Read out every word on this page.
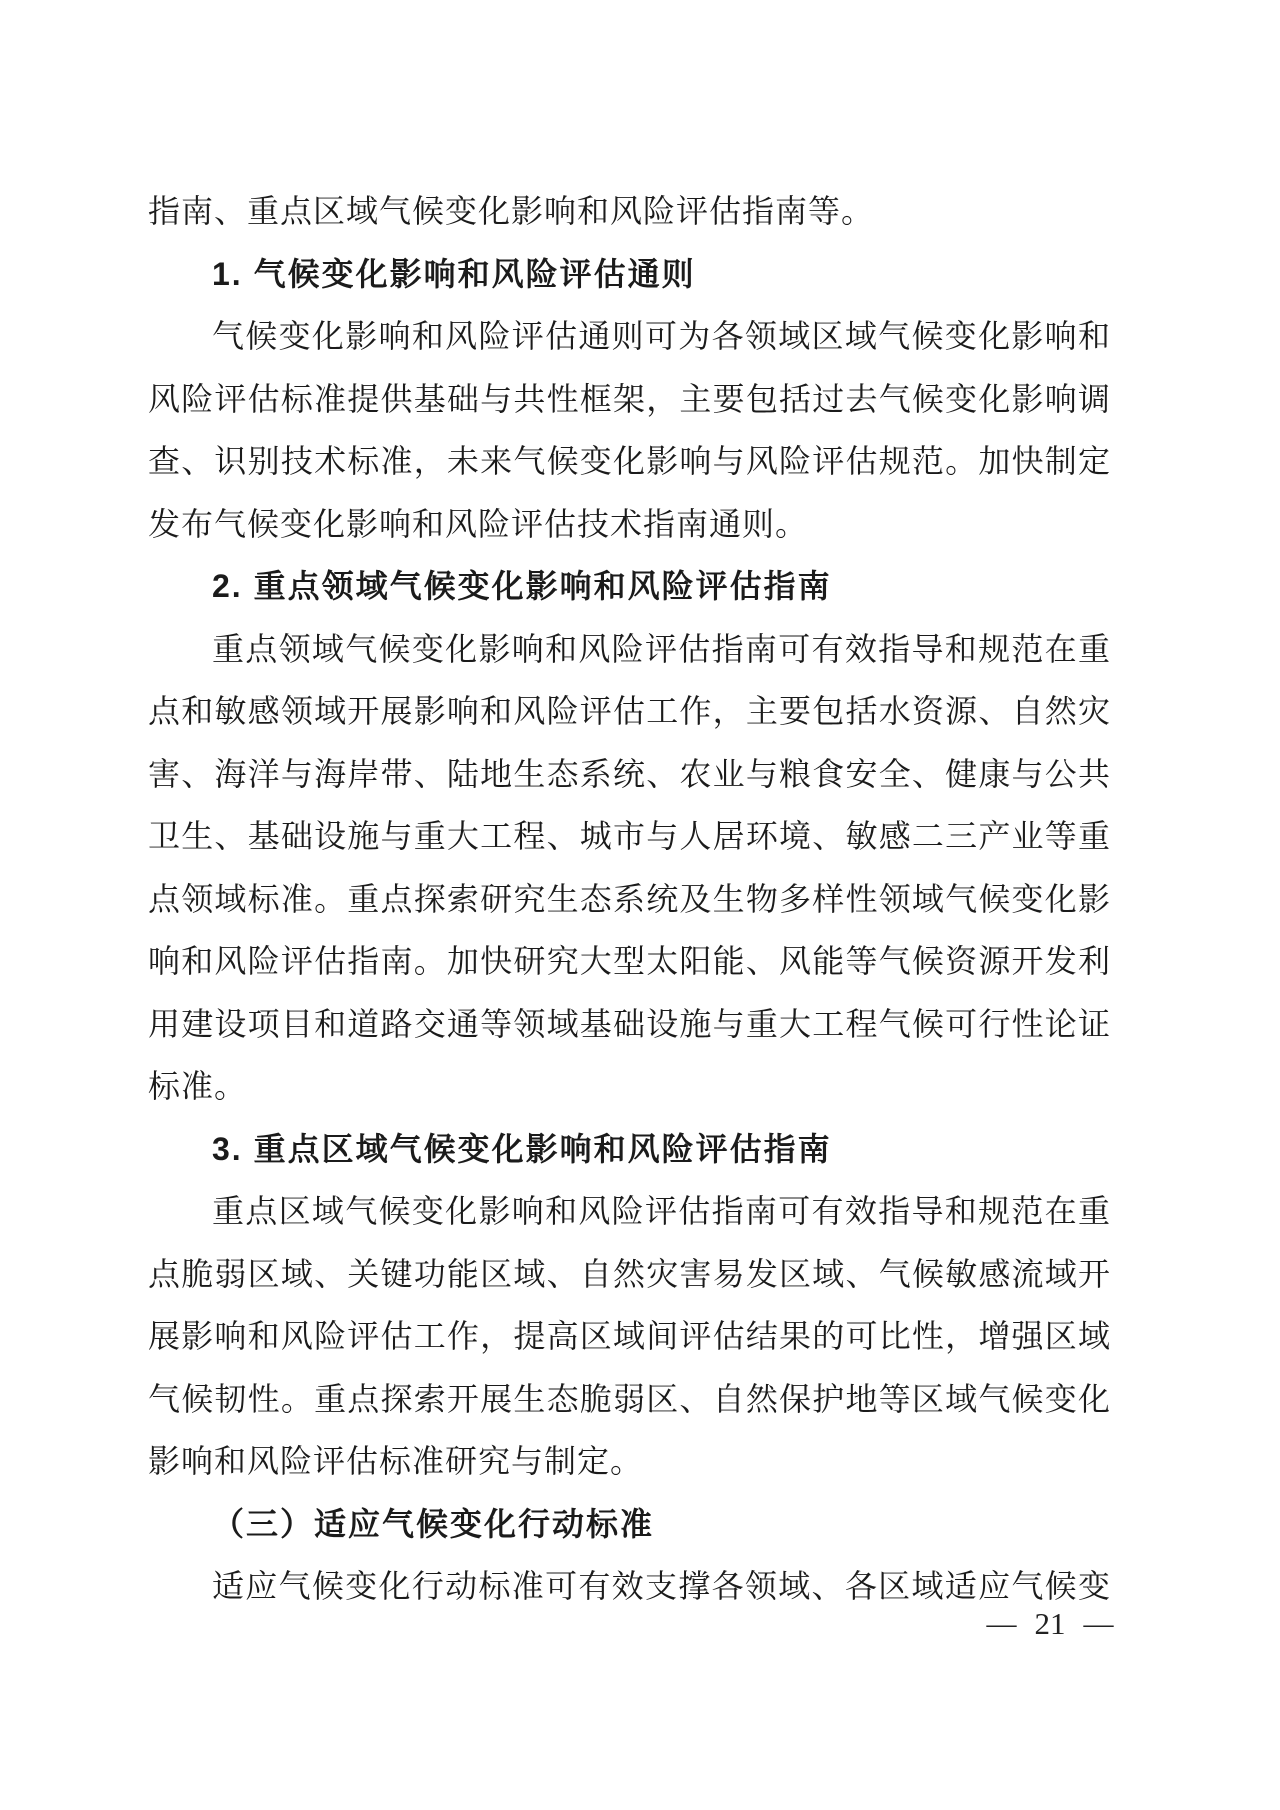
指南、重点区域气候变化影响和风险评估指南等。
1. 气候变化影响和风险评估通则
气候变化影响和风险评估通则可为各领域区域气候变化影响和
风险评估标准提供基础与共性框架，主要包括过去气候变化影响调
查、识别技术标准，未来气候变化影响与风险评估规范。加快制定
发布气候变化影响和风险评估技术指南通则。
2. 重点领域气候变化影响和风险评估指南
重点领域气候变化影响和风险评估指南可有效指导和规范在重
点和敏感领域开展影响和风险评估工作，主要包括水资源、自然灾
害、海洋与海岸带、陆地生态系统、农业与粮食安全、健康与公共
卫生、基础设施与重大工程、城市与人居环境、敏感二三产业等重
点领域标准。重点探索研究生态系统及生物多样性领域气候变化影
响和风险评估指南。加快研究大型太阳能、风能等气候资源开发利
用建设项目和道路交通等领域基础设施与重大工程气候可行性论证
标准。
3. 重点区域气候变化影响和风险评估指南
重点区域气候变化影响和风险评估指南可有效指导和规范在重
点脆弱区域、关键功能区域、自然灾害易发区域、气候敏感流域开
展影响和风险评估工作，提高区域间评估结果的可比性，增强区域
气候韧性。重点探索开展生态脆弱区、自然保护地等区域气候变化
影响和风险评估标准研究与制定。
（三）适应气候变化行动标准
适应气候变化行动标准可有效支撑各领域、各区域适应气候变
— 21 —
